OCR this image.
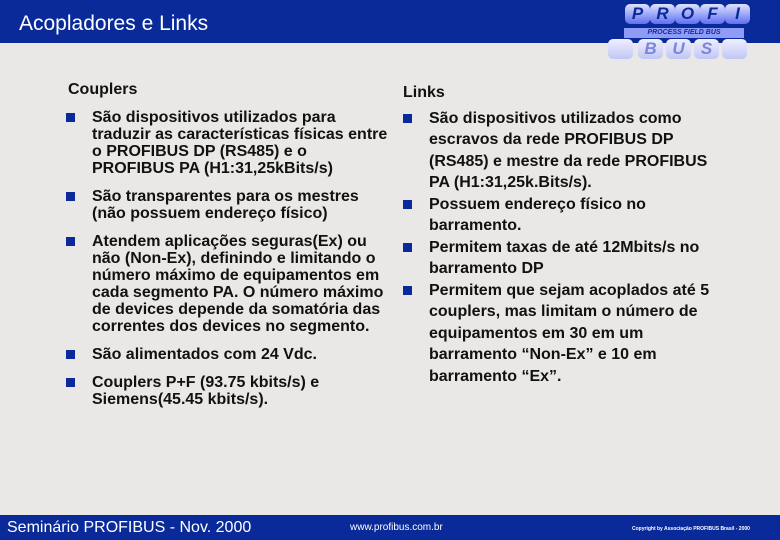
Acopladores e Links	P R O F	I
PROCESS FIELD BUS
B U S
Couplers
São dispositivos utilizados para traduzir as características físicas entre o PROFIBUS DP (RS485) e o PROFIBUS PA (H1:31,25kBits/s)
São transparentes para os mestres (não possuem endereço físico)
Atendem aplicações seguras(Ex) ou não (Non-Ex), definindo e limitando o número máximo de equipamentos em cada segmento PA. O número máximo de devices depende da somatória das correntes dos devices no segmento.
São alimentados com 24 Vdc.
Couplers P+F (93.75 kbits/s) e Siemens(45.45 kbits/s).
Links
São dispositivos utilizados como escravos da rede PROFIBUS DP (RS485) e mestre da rede PROFIBUS PA (H1:31,25k.Bits/s).
Possuem endereço físico no barramento.
Permitem taxas de até 12Mbits/s no barramento DP
Permitem que sejam acoplados até 5 couplers, mas limitam o número de equipamentos em 30 em um barramento “Non-Ex” e 10 em barramento “Ex”.
Seminário PROFIBUS - Nov. 2000	www.profibus.com.br	Copyright by Associação PROFIBUS Brasil - 2000
